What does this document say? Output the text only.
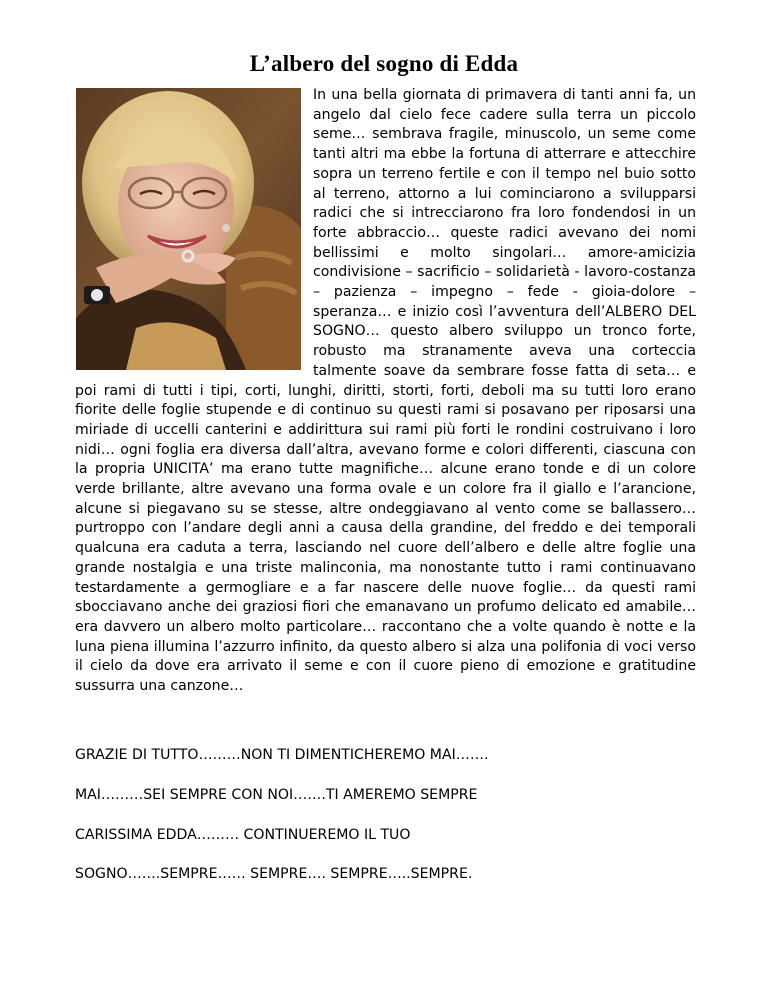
L’albero del sogno di Edda
In una bella giornata di primavera di tanti anni fa, un angelo dal cielo fece cadere sulla terra un piccolo seme… sembrava fragile, minuscolo, un seme come tanti altri ma ebbe la fortuna di atterrare e attecchire sopra un terreno fertile e con il tempo nel buio sotto al terreno, attorno a lui cominciarono a svilupparsi radici che si intrecciarono fra loro fondendosi in un forte abbraccio… queste radici avevano dei nomi bellissimi e molto singolari… amore-amicizia condivisione – sacrificio – solidarietà - lavoro-costanza – pazienza – impegno – fede - gioia-dolore – speranza… e inizio così l’avventura dell’ALBERO DEL SOGNO… questo albero sviluppo un tronco forte, robusto ma stranamente aveva una corteccia talmente soave da sembrare fosse fatta di seta… e poi rami di tutti i tipi, corti, lunghi, diritti, storti, forti, deboli ma su tutti loro erano fiorite delle foglie stupende e di continuo su questi rami si posavano per riposarsi una miriade di uccelli canterini e addirittura sui rami più forti le rondini costruivano i loro nidi… ogni foglia era diversa dall’altra, avevano forme e colori differenti, ciascuna con la propria UNICITA’ ma erano tutte magnifiche… alcune erano tonde e di un colore verde brillante, altre avevano una forma ovale e un colore fra il giallo e l’arancione, alcune si piegavano su se stesse, altre ondeggiavano al vento come se ballassero… purtroppo con l’andare degli anni a causa della grandine, del freddo e dei temporali qualcuna era caduta a terra, lasciando nel cuore dell’albero e delle altre foglie una grande nostalgia e una triste malinconia, ma nonostante tutto i rami continuavano testardamente a germogliare e a far nascere delle nuove foglie… da questi rami sbocciavano anche dei graziosi fiori che emanavano un profumo delicato ed amabile… era davvero un albero molto particolare… raccontano che a volte quando è notte e la luna piena illumina l’azzurro infinito, da questo albero si alza una polifonia di voci verso il cielo da dove era arrivato il seme e con il cuore pieno di emozione e gratitudine sussurra una canzone…

GRAZIE DI TUTTO………NON TI DIMENTICHEREMO MAI…….

MAI………SEI SEMPRE CON NOI…….TI AMEREMO SEMPRE

CARISSIMA EDDA……… CONTINUEREMO IL TUO

SOGNO…….SEMPRE…… SEMPRE…. SEMPRE…..SEMPRE.
